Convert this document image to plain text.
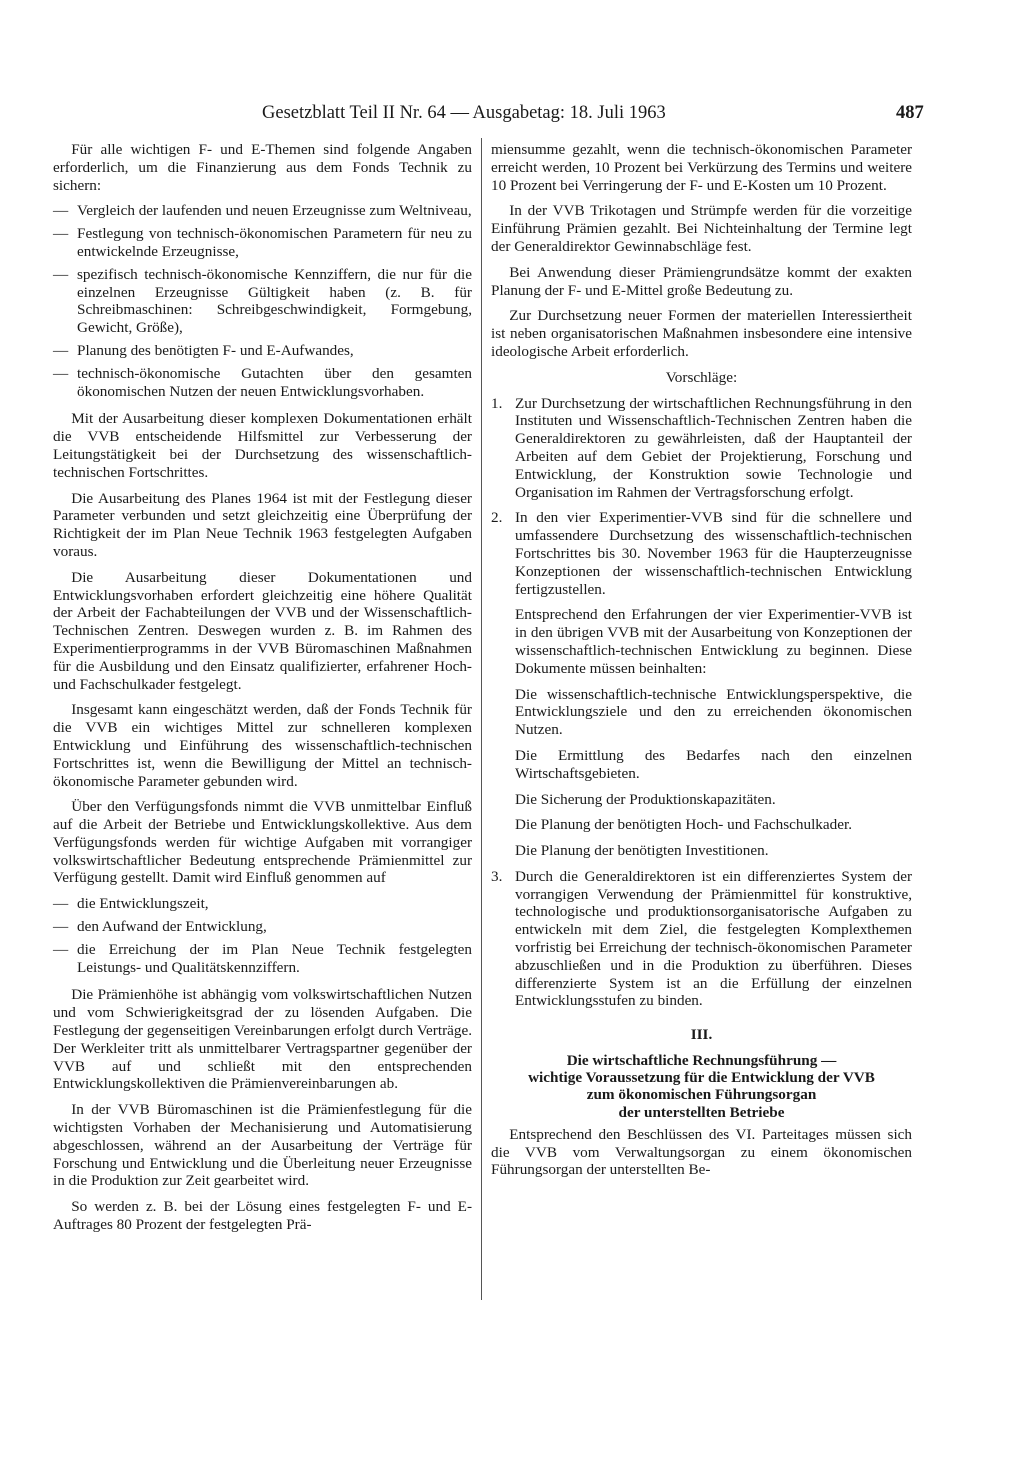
Gesetzblatt Teil II Nr. 64 — Ausgabetag: 18. Juli 1963	487

Für alle wichtigen F- und E-Themen sind folgende Angaben erforderlich, um die Finanzierung aus dem Fonds Technik zu sichern:

— Vergleich der laufenden und neuen Erzeugnisse zum Weltniveau,
— Festlegung von technisch-ökonomischen Parametern für neu zu entwickelnde Erzeugnisse,
— spezifisch technisch-ökonomische Kennziffern, die nur für die einzelnen Erzeugnisse Gültigkeit haben (z. B. für Schreibmaschinen: Schreibgeschwindigkeit, Formgebung, Gewicht, Größe),
— Planung des benötigten F- und E-Aufwandes,
— technisch-ökonomische Gutachten über den gesamten ökonomischen Nutzen der neuen Entwicklungsvorhaben.

Mit der Ausarbeitung dieser komplexen Dokumentationen erhält die VVB entscheidende Hilfsmittel zur Verbesserung der Leitungstätigkeit bei der Durchsetzung des wissenschaftlich-technischen Fortschrittes.

Die Ausarbeitung des Planes 1964 ist mit der Festlegung dieser Parameter verbunden und setzt gleichzeitig eine Überprüfung der Richtigkeit der im Plan Neue Technik 1963 festgelegten Aufgaben voraus.

Die Ausarbeitung dieser Dokumentationen und Entwicklungsvorhaben erfordert gleichzeitig eine höhere Qualität der Arbeit der Fachabteilungen der VVB und der Wissenschaftlich-Technischen Zentren. Deswegen wurden z. B. im Rahmen des Experimentierprogramms in der VVB Büromaschinen Maßnahmen für die Ausbildung und den Einsatz qualifizierter, erfahrener Hoch- und Fachschulkader festgelegt.

Insgesamt kann eingeschätzt werden, daß der Fonds Technik für die VVB ein wichtiges Mittel zur schnelleren komplexen Entwicklung und Einführung des wissenschaftlich-technischen Fortschrittes ist, wenn die Bewilligung der Mittel an technisch-ökonomische Parameter gebunden wird.

Über den Verfügungsfonds nimmt die VVB unmittelbar Einfluß auf die Arbeit der Betriebe und Entwicklungskollektive. Aus dem Verfügungsfonds werden für wichtige Aufgaben mit vorrangiger volkswirtschaftlicher Bedeutung entsprechende Prämienmittel zur Verfügung gestellt. Damit wird Einfluß genommen auf

— die Entwicklungszeit,
— den Aufwand der Entwicklung,
— die Erreichung der im Plan Neue Technik festgelegten Leistungs- und Qualitätskennziffern.

Die Prämienhöhe ist abhängig vom volkswirtschaftlichen Nutzen und vom Schwierigkeitsgrad der zu lösenden Aufgaben. Die Festlegung der gegenseitigen Vereinbarungen erfolgt durch Verträge. Der Werkleiter tritt als unmittelbarer Vertragspartner gegenüber der VVB auf und schließt mit den entsprechenden Entwicklungskollektiven die Prämienvereinbarungen ab.

In der VVB Büromaschinen ist die Prämienfestlegung für die wichtigsten Vorhaben der Mechanisierung und Automatisierung abgeschlossen, während an der Ausarbeitung der Verträge für Forschung und Entwicklung und die Überleitung neuer Erzeugnisse in die Produktion zur Zeit gearbeitet wird.

So werden z. B. bei der Lösung eines festgelegten F- und E-Auftrages 80 Prozent der festgelegten Prä-

miensumme gezahlt, wenn die technisch-ökonomischen Parameter erreicht werden, 10 Prozent bei Verkürzung des Termins und weitere 10 Prozent bei Verringerung der F- und E-Kosten um 10 Prozent.

In der VVB Trikotagen und Strümpfe werden für die vorzeitige Einführung Prämien gezahlt. Bei Nichteinhaltung der Termine legt der Generaldirektor Gewinnabschläge fest.

Bei Anwendung dieser Prämiengrundsätze kommt der exakten Planung der F- und E-Mittel große Bedeutung zu.

Zur Durchsetzung neuer Formen der materiellen Interessiertheit ist neben organisatorischen Maßnahmen insbesondere eine intensive ideologische Arbeit erforderlich.

Vorschläge:

1. Zur Durchsetzung der wirtschaftlichen Rechnungsführung in den Instituten und Wissenschaftlich-Technischen Zentren haben die Generaldirektoren zu gewährleisten, daß der Hauptanteil der Arbeiten auf dem Gebiet der Projektierung, Forschung und Entwicklung, der Konstruktion sowie Technologie und Organisation im Rahmen der Vertragsforschung erfolgt.
2. In den vier Experimentier-VVB sind für die schnellere und umfassendere Durchsetzung des wissenschaftlich-technischen Fortschrittes bis 30. November 1963 für die Haupterzeugnisse Konzeptionen der wissenschaftlich-technischen Entwicklung fertigzustellen.
Entsprechend den Erfahrungen der vier Experimentier-VVB ist in den übrigen VVB mit der Ausarbeitung von Konzeptionen der wissenschaftlich-technischen Entwicklung zu beginnen. Diese Dokumente müssen beinhalten:
Die wissenschaftlich-technische Entwicklungsperspektive, die Entwicklungsziele und den zu erreichenden ökonomischen Nutzen.
Die Ermittlung des Bedarfes nach den einzelnen Wirtschaftsgebieten.
Die Sicherung der Produktionskapazitäten.
Die Planung der benötigten Hoch- und Fachschulkader.
Die Planung der benötigten Investitionen.
3. Durch die Generaldirektoren ist ein differenziertes System der vorrangigen Verwendung der Prämienmittel für konstruktive, technologische und produktionsorganisatorische Aufgaben zu entwickeln mit dem Ziel, die festgelegten Komplexthemen vorfristig bei Erreichung der technisch-ökonomischen Parameter abzuschließen und in die Produktion zu überführen. Dieses differenzierte System ist an die Erfüllung der einzelnen Entwicklungsstufen zu binden.
III.
Die wirtschaftliche Rechnungsführung —
wichtige Voraussetzung für die Entwicklung der VVB
zum ökonomischen Führungsorgan
der unterstellten Betriebe

Entsprechend den Beschlüssen des VI. Parteitages müssen sich die VVB vom Verwaltungsorgan zu einem ökonomischen Führungsorgan der unterstellten Be-
